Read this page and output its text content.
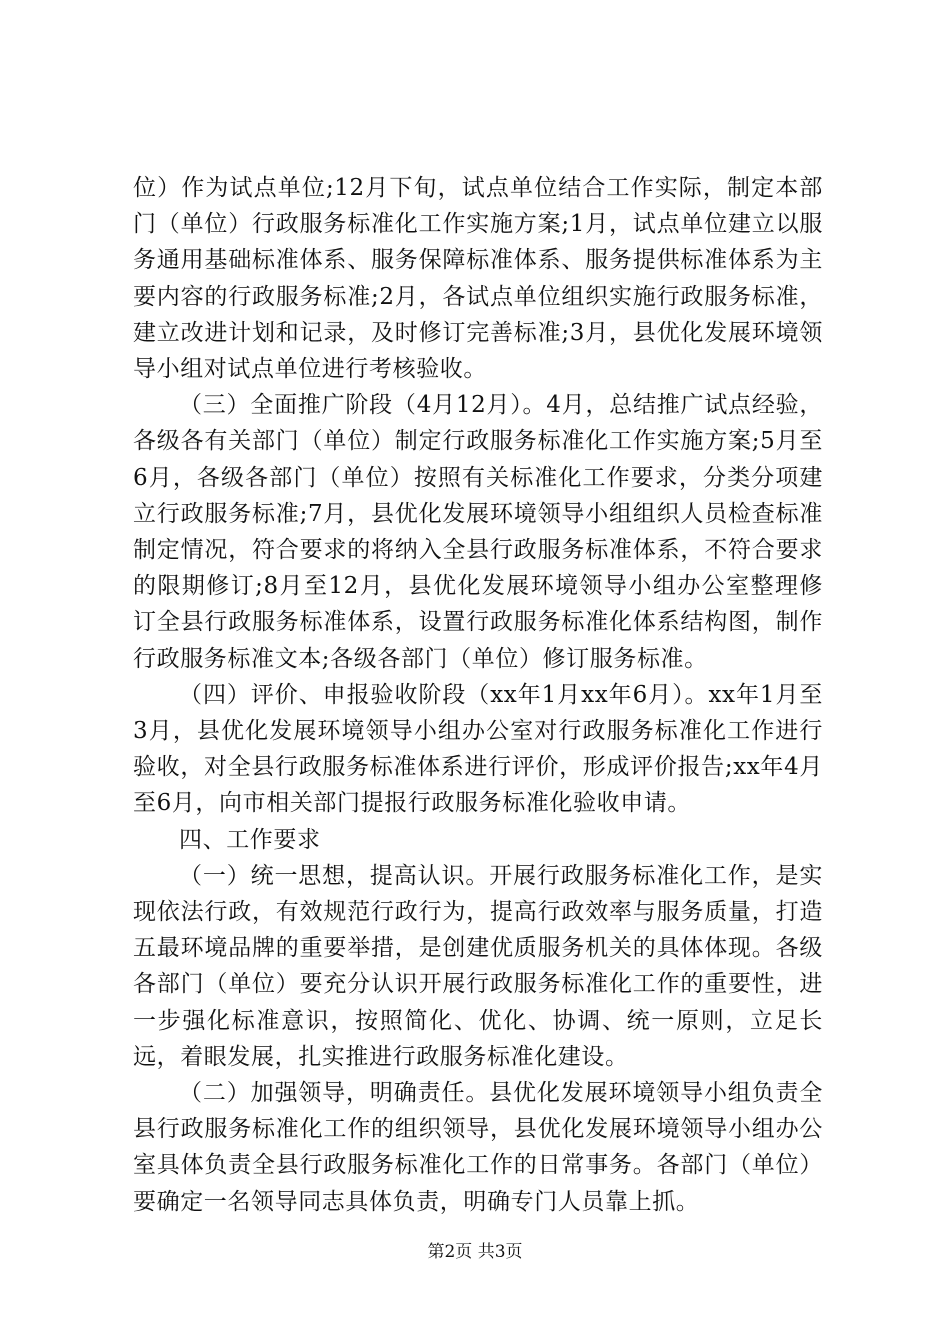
位）作为试点单位;12月下旬，试点单位结合工作实际，制定本部门（单位）行政服务标准化工作实施方案;1月，试点单位建立以服务通用基础标准体系、服务保障标准体系、服务提供标准体系为主要内容的行政服务标准;2月，各试点单位组织实施行政服务标准，建立改进计划和记录，及时修订完善标准;3月，县优化发展环境领导小组对试点单位进行考核验收。

（三）全面推广阶段（4月12月）。4月，总结推广试点经验，各级各有关部门（单位）制定行政服务标准化工作实施方案;5月至6月，各级各部门（单位）按照有关标准化工作要求，分类分项建立行政服务标准;7月，县优化发展环境领导小组组织人员检查标准制定情况，符合要求的将纳入全县行政服务标准体系，不符合要求的限期修订;8月至12月，县优化发展环境领导小组办公室整理修订全县行政服务标准体系，设置行政服务标准化体系结构图，制作行政服务标准文本;各级各部门（单位）修订服务标准。

（四）评价、申报验收阶段（xx年1月xx年6月）。xx年1月至3月，县优化发展环境领导小组办公室对行政服务标准化工作进行验收，对全县行政服务标准体系进行评价，形成评价报告;xx年4月至6月，向市相关部门提报行政服务标准化验收申请。

四、工作要求

（一）统一思想，提高认识。开展行政服务标准化工作，是实现依法行政，有效规范行政行为，提高行政效率与服务质量，打造五最环境品牌的重要举措，是创建优质服务机关的具体体现。各级各部门（单位）要充分认识开展行政服务标准化工作的重要性，进一步强化标准意识，按照简化、优化、协调、统一原则，立足长远，着眼发展，扎实推进行政服务标准化建设。

（二）加强领导，明确责任。县优化发展环境领导小组负责全县行政服务标准化工作的组织领导，县优化发展环境领导小组办公室具体负责全县行政服务标准化工作的日常事务。各部门（单位）要确定一名领导同志具体负责，明确专门人员靠上抓。

第2页 共3页
